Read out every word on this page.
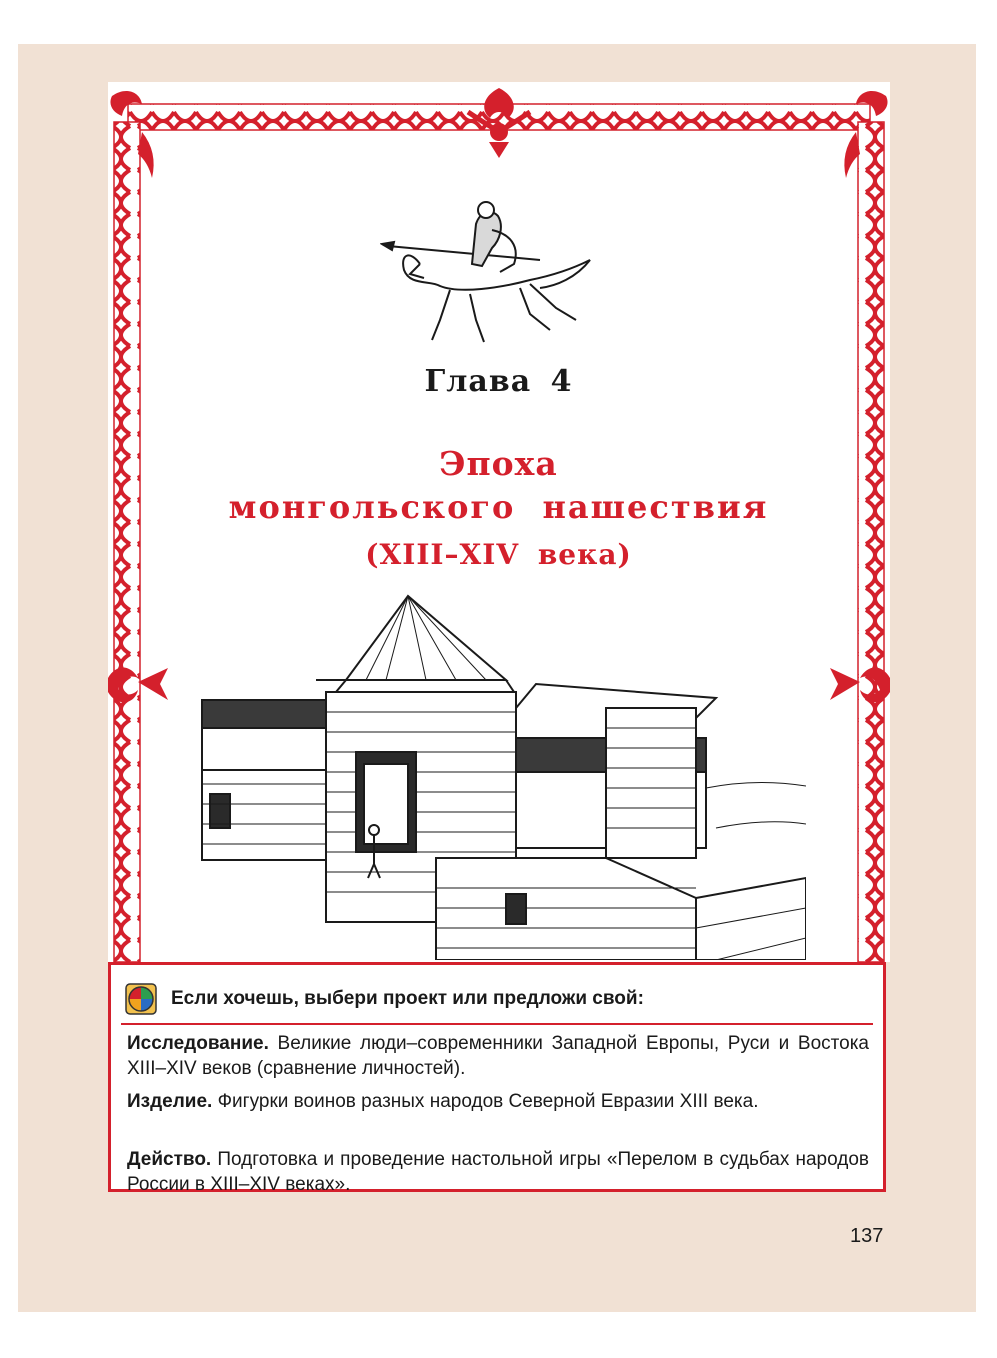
Глава 4
Эпоха
монгольского нашествия
(XIII–XIV века)
Если хочешь, выбери проект или предложи свой:
Исследование. Великие люди–современники Западной Европы, Руси и Востока XIII–XIV веков (сравнение личностей).
Изделие. Фигурки воинов разных народов Северной Евразии XIII века.
Действо. Подготовка и проведение настольной игры «Перелом в судьбах народов России в XIII–XIV веках».
137
